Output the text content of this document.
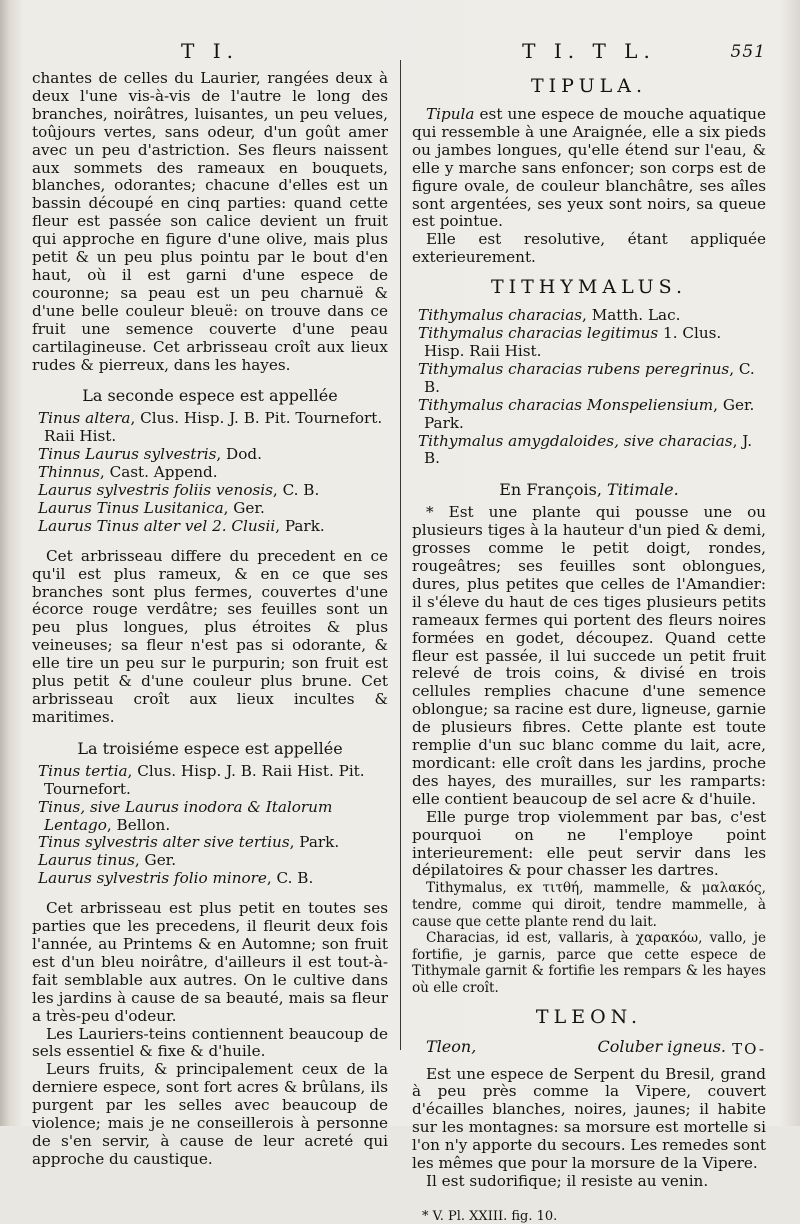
T I.

chantes de celles du Laurier, rangées deux à deux l'une vis-à-vis de l'autre le long des branches, noirâtres, luisantes, un peu velues, toûjours vertes, sans odeur, d'un goût amer avec un peu d'astriction. Ses fleurs naissent aux sommets des rameaux en bouquets, blanches, odorantes; chacune d'elles est un bassin découpé en cinq parties: quand cette fleur est passée son calice devient un fruit qui approche en figure d'une olive, mais plus petit & un peu plus pointu par le bout d'en haut, où il est garni d'une espece de couronne; sa peau est un peu charnuë & d'une belle couleur bleuë: on trouve dans ce fruit une semence couverte d'une peau cartilagineuse. Cet arbrisseau croît aux lieux rudes & pierreux, dans les hayes.

La seconde espece est appellée
Tinus altera, Clus. Hisp. J. B. Pit. Tournefort. Raii Hist.
Tinus Laurus sylvestris, Dod.
Thinnus, Cast. Append.
Laurus sylvestris foliis venosis, C. B.
Laurus Tinus Lusitanica, Ger.
Laurus Tinus alter vel 2. Clusii, Park.

Cet arbrisseau differe du precedent en ce qu'il est plus rameux, & en ce que ses branches sont plus fermes, couvertes d'une écorce rouge verdâtre; ses feuilles sont un peu plus longues, plus étroites & plus veineuses; sa fleur n'est pas si odorante, & elle tire un peu sur le purpurin; son fruit est plus petit & d'une couleur plus brune. Cet arbrisseau croît aux lieux incultes & maritimes.

La troisiéme espece est appellée
Tinus tertia, Clus. Hisp. J. B. Raii Hist. Pit. Tournefort.
Tinus, sive Laurus inodora & Italorum Lentago, Bellon.
Tinus sylvestris alter sive tertius, Park.
Laurus tinus, Ger.
Laurus sylvestris folio minore, C. B.

Cet arbrisseau est plus petit en toutes ses parties que les precedens, il fleurit deux fois l'année, au Printems & en Automne; son fruit est d'un bleu noirâtre, d'ailleurs il est tout-à-fait semblable aux autres. On le cultive dans les jardins à cause de sa beauté, mais sa fleur a très-peu d'odeur.

Les Lauriers-teins contiennent beaucoup de sels essentiel & fixe & d'huile.

Leurs fruits, & principalement ceux de la derniere espece, sont fort acres & brûlans, ils purgent par les selles avec beaucoup de violence; mais je ne conseillerois à personne de s'en servir, à cause de leur acreté qui approche du caustique.

T I. T L.
TIPULA.

Tipula est une espece de mouche aquatique qui ressemble à une Araignée, elle a six pieds ou jambes longues, qu'elle étend sur l'eau, & elle y marche sans enfoncer; son corps est de figure ovale, de couleur blanchâtre, ses aîles sont argentées, ses yeux sont noirs, sa queue est pointue.

Elle est resolutive, étant appliquée exterieurement.

TITHYMALUS.
Tithymalus characias, Matth. Lac.
Tithymalus characias legitimus 1. Clus. Hisp. Raii Hist.
Tithymalus characias rubens peregrinus, C. B.
Tithymalus characias Monspeliensium, Ger. Park.
Tithymalus amygdaloides, sive characias, J. B.
En François, Titimale.

* Est une plante qui pousse une ou plusieurs tiges à la hauteur d'un pied & demi, grosses comme le petit doigt, rondes, rougeâtres; ses feuilles sont oblongues, dures, plus petites que celles de l'Amandier: il s'éleve du haut de ces tiges plusieurs petits rameaux fermes qui portent des fleurs noires formées en godet, découpez. Quand cette fleur est passée, il lui succede un petit fruit relevé de trois coins, & divisé en trois cellules remplies chacune d'une semence oblongue; sa racine est dure, ligneuse, garnie de plusieurs fibres. Cette plante est toute remplie d'un suc blanc comme du lait, acre, mordicant: elle croît dans les jardins, proche des hayes, des murailles, sur les ramparts: elle contient beaucoup de sel acre & d'huile.

Elle purge trop violemment par bas, c'est pourquoi on ne l'employe point interieurement: elle peut servir dans les dépilatoires & pour chasser les dartres.

Tithymalus, ex τιτθή, mammelle, & μαλακός, tendre, comme qui diroit, tendre mammelle, à cause que cette plante rend du lait.

Characias, id est, vallaris, à χαρακόω, vallo, je fortifie, je garnis, parce que cette espece de Tithymale garnit & fortifie les rempars & les hayes où elle croît.

TLEON.
Tleon,	Coluber igneus.

Est une espece de Serpent du Bresil, grand à peu près comme la Vipere, couvert d'écailles blanches, noires, jaunes; il habite sur les montagnes: sa morsure est mortelle si l'on n'y apporte du secours. Les remedes sont les mêmes que pour la morsure de la Vipere.

Il est sudorifique; il resiste au venin.

* V. Pl. XXIII. fig. 10.
551
TO-
